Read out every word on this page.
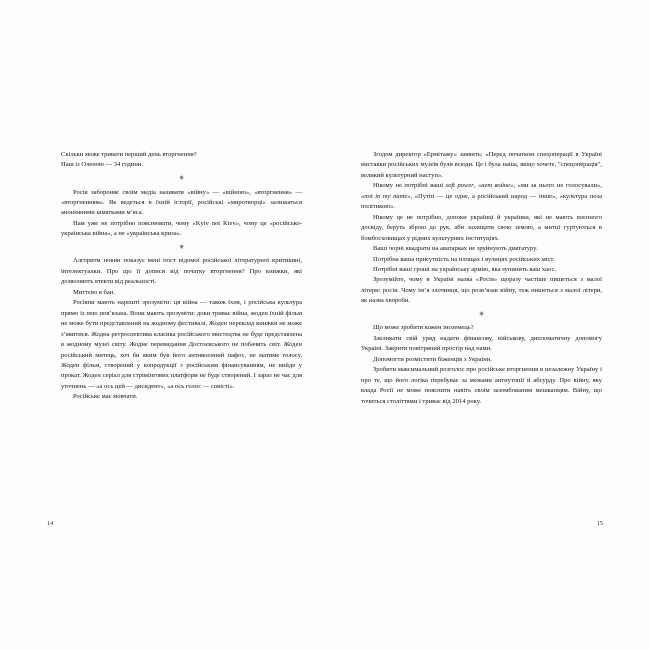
Скільки може тривати перший день вторгнення?

Наш із Оленою — 34 години.

✳

Росія забороняє своїм медіа називати «війну» — «війною», «вторгнення» — «вторгненням». Як ведеться в їхній історії, російські «миротворці» залишаться анонімними шматками м’яса.

Нам уже не потрібно пояснювати, чому «Kyiv not Kiev», чому це «російсько-українська війна», а не «українська криза».

✳

Алгоритм новин показує мені пост відомої російської літературної критикині, інтелектуалки. Про що її дописи від початку вторгнення? Про книжки, які дозволяють втекти від реальності.

Миттєво в бан.

Росіяни мають нарешті зрозуміти: ця війна — також їхня, і російська культура прямо із нею пов’язана. Вони мають зрозуміти: доки триває війна, жоден їхній фільм не може бути представлений на жодному фестивалі. Жоден переклад книжки не може з’явитися. Жодна ретроспектива класика російського мистецтва не буде представлена в жодному музеї світу. Жодне перевидання Достоєвського не побачить світ. Жоден російський митець, хоч би яким був його антивоєнний пафос, не матиме голосу. Жоден фільм, створений у копродукції з російським фінансуванням, не вийде у прокат. Жоден серіал для стрімінгових платформ не буде створений. І зараз не час для уточнень — «а ось цей — дисидент», «а ось голос — совісті».

Російське має мовчати.

14

Згодом директор «Ермітажу» заявить: «Перед початком спецоперації в Україні виставки російських музеїв були всюди. Це і була наша, якщо хочете, "спецоперація", великий культурний наступ».

Нікому не потрібні ваші soft power, «нет войне», «ми за нього не голосували», «not in my name», «Путін — це одне, а російський народ — інше», «культура поза політикою».

Нікому це не потрібно, допоки українці й українки, які не мають воєнного досвіду, беруть зброю до рук, аби захищати свою землю, а митці гуртуються в бомбосховищах у рідних культурних інституціях.

Ваші чорні квадрати на аватарках не зруйнують диктатуру.

Потрібна ваша присутність на площах і вулицях російських міст.

Потрібні ваші гроші на українську армію, яка зупинить ваш хаос.

Зрозумійте, чому в Україні назва «Росія» щоразу частіше пишеться з малої літери: росія. Чому ім’я злочинця, що розв’язав війну, теж пишеться з малої літери, як назва хвороби.

✳

Що може зробити кожен іноземець?

Закликати свій уряд надати фінансову, військову, дипломатичну допомогу Україні. Закрити повітряний простір над нами.

Допомогти розмістити біженців з України.

Зробити максимальний розголос про російське вторгнення в незалежну Україну і про те, що його логіка перебуває за межами антиутопії й абсурду. Про війну, яку влада Росії не може пояснити навіть своїм зазомбованим мешканцям. Війну, що точиться століттями і триває від 2014 року.

15
